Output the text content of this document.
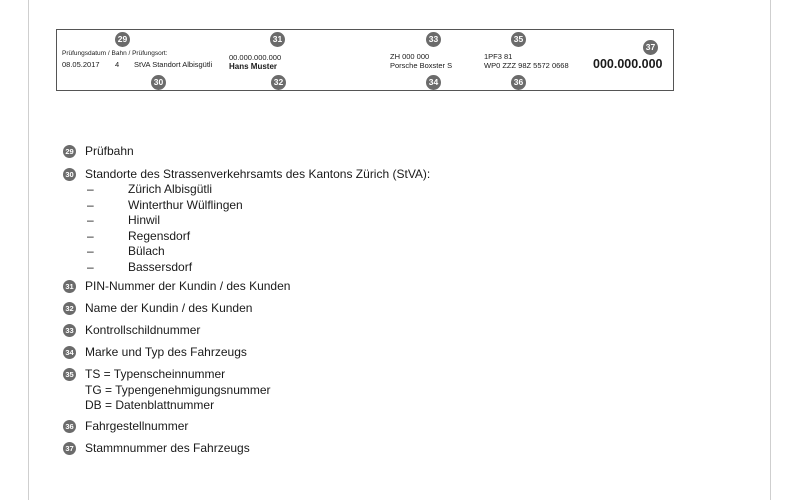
29	31	33	35
37
Prüfungsdatum / Bahn / Prüfungsort:
08.05.2017 4 StVA Standort Albisgütli
00.000.000.000
Hans Muster
ZH 000 000
Porsche Boxster S
1PF3 81
WP0 ZZZ 98Z 5572 0668 000.000.000
30	32	34	36
29 Prüfbahn
30 Standorte des Strassenverkehrsamts des Kantons Zürich (StVA):
–	Zürich Albisgütli
–	Winterthur Wülflingen
–	Hinwil
–	Regensdorf
–	Bülach
–	Bassersdorf
31 PIN-Nummer der Kundin / des Kunden
32 Name der Kundin / des Kunden
33 Kontrollschildnummer
34 Marke und Typ des Fahrzeugs
35 TS = Typenscheinnummer
TG = Typengenehmigungsnummer
DB = Datenblattnummer
36 Fahrgestellnummer
37 Stammnummer des Fahrzeugs
